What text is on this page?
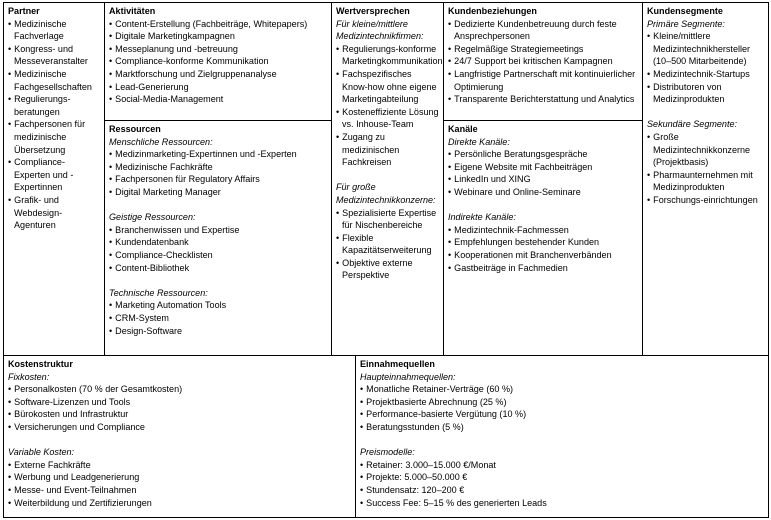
Partner

• Medizinische Fachverlage

• Kongress- und Messeveranstalter

• Medizinische Fachgesellschaften

• Regulierungs-beratungen

• Fachpersonen für medizinische Übersetzung

• Compliance-Experten und -Expertinnen

• Grafik- und Webdesign-Agenturen

Aktivitäten

• Content-Erstellung (Fachbeiträge, Whitepapers)

• Digitale Marketingkampagnen

• Messeplanung und -betreuung

• Compliance-konforme Kommunikation

• Marktforschung und Zielgruppenanalyse

• Lead-Generierung

• Social-Media-Management

Ressourcen

Menschliche Ressourcen:

• Medizinmarketing-Expertinnen und -Experten

• Medizinische Fachkräfte

• Fachpersonen für Regulatory Affairs

• Digital Marketing Manager

Geistige Ressourcen:

• Branchenwissen und Expertise

• Kundendatenbank

• Compliance-Checklisten

• Content-Bibliothek

Technische Ressourcen:

• Marketing Automation Tools

• CRM-System

• Design-Software

Wertversprechen

Für kleine/mittlere Medizintechnikfirmen:

• Regulierungs-konforme Marketingkommunikation

• Fachspezifisches Know-how ohne eigene Marketingabteilung

• Kosteneffiziente Lösung vs. Inhouse-Team

• Zugang zu medizinischen Fachkreisen

Für große Medizintechnikkonzerne:

• Spezialisierte Expertise für Nischenbereiche

• Flexible Kapazitätserweiterung

• Objektive externe Perspektive

Kundenbeziehungen

• Dedizierte Kundenbetreuung durch feste Ansprechpersonen

• Regelmäßige Strategiemeetings

• 24/7 Support bei kritischen Kampagnen

• Langfristige Partnerschaft mit kontinuierlicher Optimierung

• Transparente Berichterstattung und Analytics

Kanäle

Direkte Kanäle:

• Persönliche Beratungsgespräche

• Eigene Website mit Fachbeiträgen

• LinkedIn und XING

• Webinare und Online-Seminare

Indirekte Kanäle:

• Medizintechnik-Fachmessen

• Empfehlungen bestehender Kunden

• Kooperationen mit Branchenverbänden

• Gastbeiträge in Fachmedien

Kundensegmente

Primäre Segmente:

• Kleine/mittlere Medizintechnikhersteller (10–500 Mitarbeitende)

• Medizintechnik-Startups

• Distributoren von Medizinprodukten

Sekundäre Segmente:

• Große Medizintechnikkonzerne (Projektbasis)

• Pharmaunternehmen mit Medizinprodukten

• Forschungs-einrichtungen

Kostenstruktur

Fixkosten:

• Personalkosten (70 % der Gesamtkosten)

• Software-Lizenzen und Tools

• Bürokosten und Infrastruktur

• Versicherungen und Compliance

Variable Kosten:

• Externe Fachkräfte

• Werbung und Leadgenerierung

• Messe- und Event-Teilnahmen

• Weiterbildung und Zertifizierungen

Einnahmequellen

Haupteinnahmequellen:

• Monatliche Retainer-Verträge (60 %)

• Projektbasierte Abrechnung (25 %)

• Performance-basierte Vergütung (10 %)

• Beratungsstunden (5 %)

Preismodelle:

• Retainer: 3.000–15.000 €/Monat

• Projekte: 5.000–50.000 €

• Stundensatz: 120–200 €

• Success Fee: 5–15 % des generierten Leads
